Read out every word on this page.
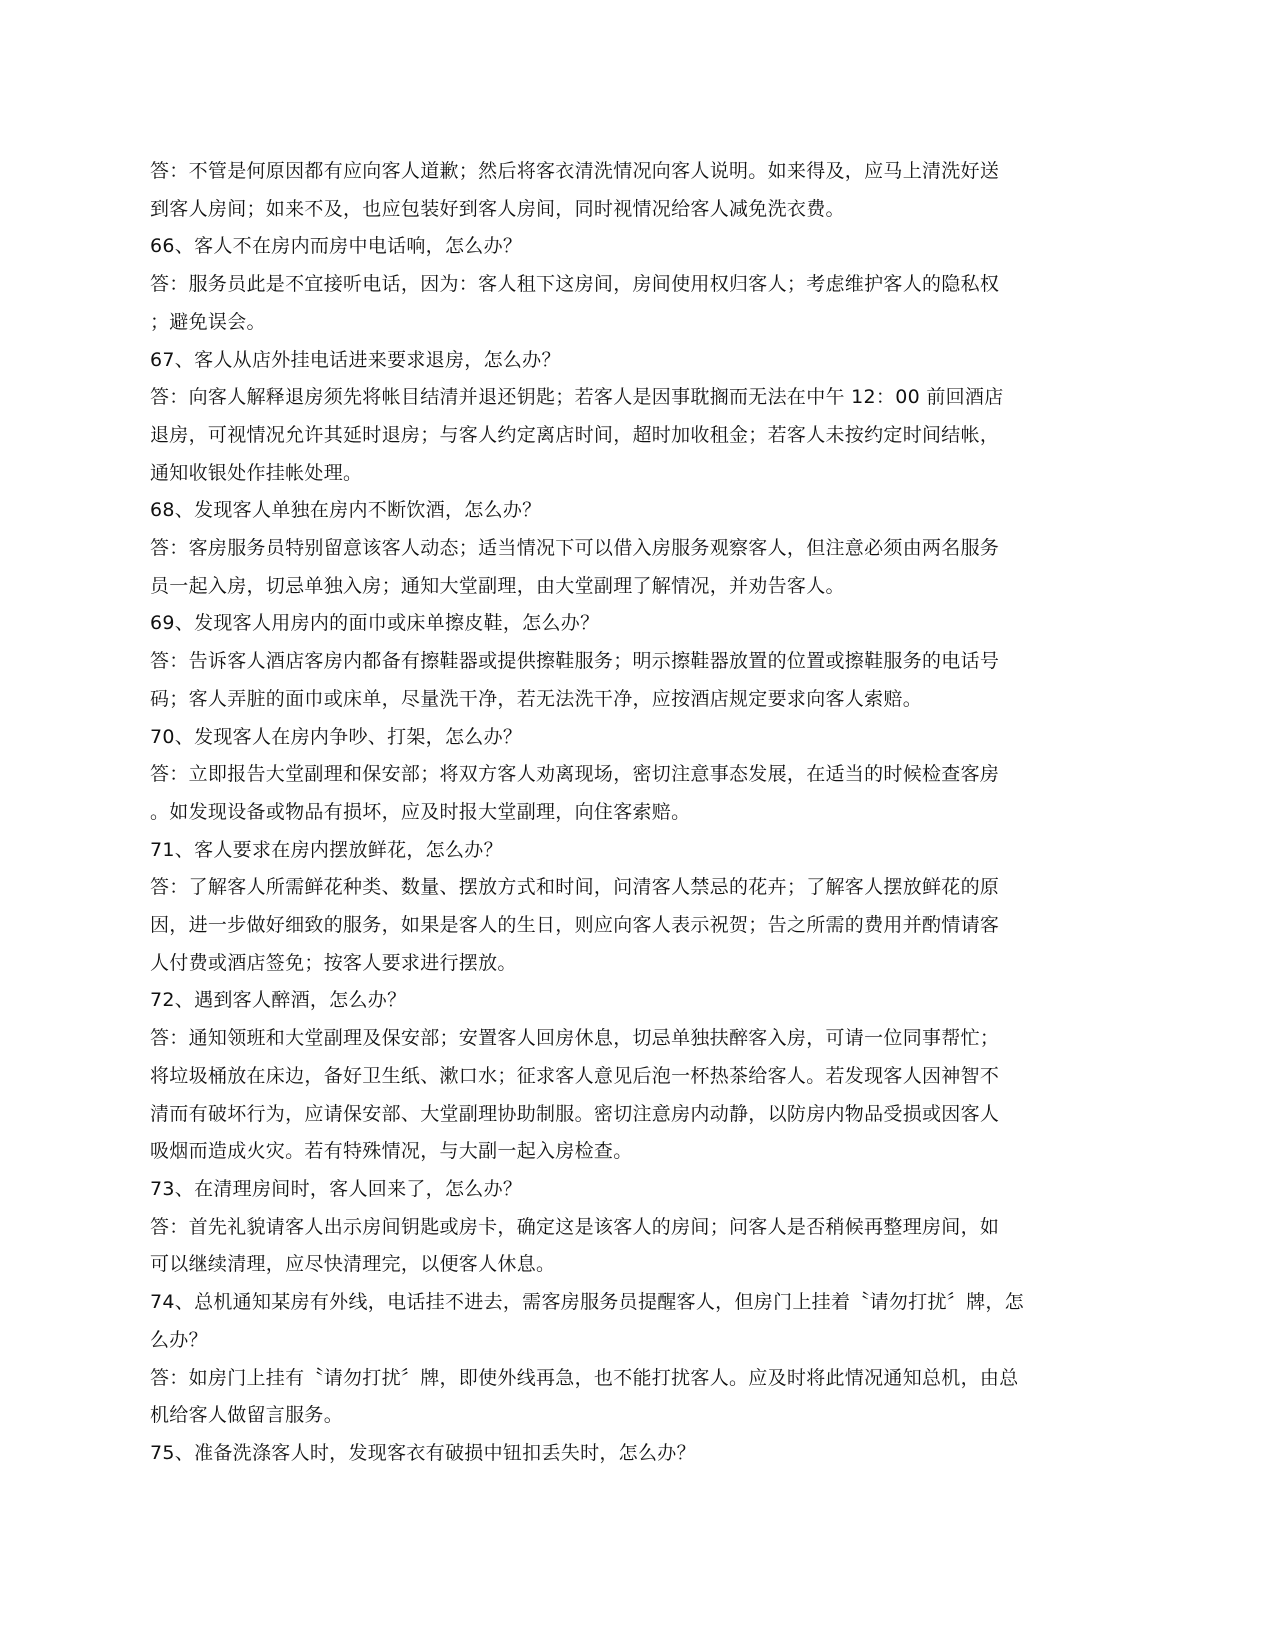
答：不管是何原因都有应向客人道歉；然后将客衣清洗情况向客人说明。如来得及，应马上清洗好送

到客人房间；如来不及，也应包装好到客人房间，同时视情况给客人减免洗衣费。

66、客人不在房内而房中电话响，怎么办？

答：服务员此是不宜接听电话，因为：客人租下这房间，房间使用权归客人；考虑维护客人的隐私权

；避免误会。

67、客人从店外挂电话进来要求退房，怎么办？

答：向客人解释退房须先将帐目结清并退还钥匙；若客人是因事耽搁而无法在中午 12：00 前回酒店

退房，可视情况允许其延时退房；与客人约定离店时间，超时加收租金；若客人未按约定时间结帐，

通知收银处作挂帐处理。

68、发现客人单独在房内不断饮酒，怎么办？

答：客房服务员特别留意该客人动态；适当情况下可以借入房服务观察客人，但注意必须由两名服务

员一起入房，切忌单独入房；通知大堂副理，由大堂副理了解情况，并劝告客人。

69、发现客人用房内的面巾或床单擦皮鞋，怎么办？

答：告诉客人酒店客房内都备有擦鞋器或提供擦鞋服务；明示擦鞋器放置的位置或擦鞋服务的电话号

码；客人弄脏的面巾或床单，尽量洗干净，若无法洗干净，应按酒店规定要求向客人索赔。

70、发现客人在房内争吵、打架，怎么办？

答：立即报告大堂副理和保安部；将双方客人劝离现场，密切注意事态发展，在适当的时候检查客房

。如发现设备或物品有损坏，应及时报大堂副理，向住客索赔。

71、客人要求在房内摆放鲜花，怎么办？

答：了解客人所需鲜花种类、数量、摆放方式和时间，问清客人禁忌的花卉；了解客人摆放鲜花的原

因，进一步做好细致的服务，如果是客人的生日，则应向客人表示祝贺；告之所需的费用并酌情请客

人付费或酒店签免；按客人要求进行摆放。

72、遇到客人醉酒，怎么办？

答：通知领班和大堂副理及保安部；安置客人回房休息，切忌单独扶醉客入房，可请一位同事帮忙；

将垃圾桶放在床边，备好卫生纸、漱口水；征求客人意见后泡一杯热茶给客人。若发现客人因神智不

清而有破坏行为，应请保安部、大堂副理协助制服。密切注意房内动静，以防房内物品受损或因客人

吸烟而造成火灾。若有特殊情况，与大副一起入房检查。

73、在清理房间时，客人回来了，怎么办？

答：首先礼貌请客人出示房间钥匙或房卡，确定这是该客人的房间；问客人是否稍候再整理房间，如

可以继续清理，应尽快清理完，以便客人休息。

74、总机通知某房有外线，电话挂不进去，需客房服务员提醒客人，但房门上挂着〝请勿打扰〞牌，怎

么办？

答：如房门上挂有〝请勿打扰〞牌，即使外线再急，也不能打扰客人。应及时将此情况通知总机，由总

机给客人做留言服务。

75、准备洗涤客人时，发现客衣有破损中钮扣丢失时，怎么办？
